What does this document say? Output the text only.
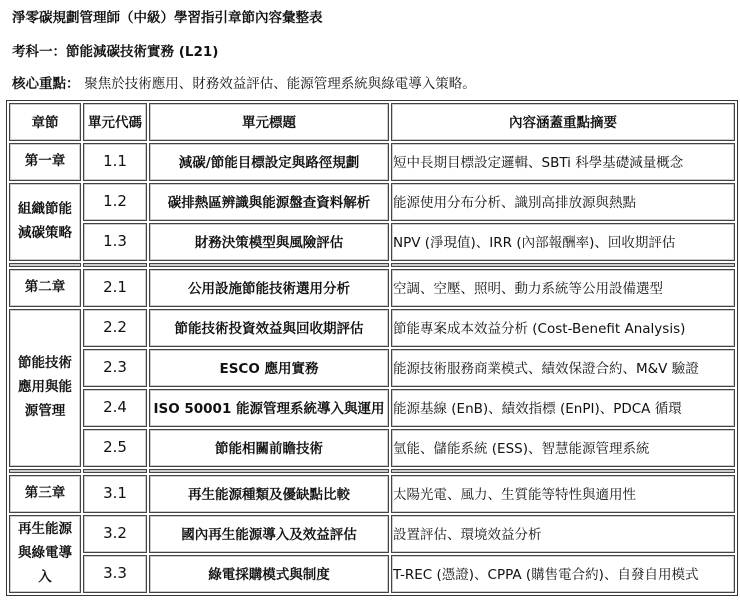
淨零碳規劃管理師（中級）學習指引章節內容彙整表
考科一：節能減碳技術實務 (L21)
核心重點： 聚焦於技術應用、財務效益評估、能源管理系統與綠電導入策略。
章節	單元代碼	單元標題	內容涵蓋重點摘要
第一章	1.1	減碳/節能目標設定與路徑規劃	短中長期目標設定邏輯、SBTi 科學基礎減量概念
組織節能減碳策略	1.2	碳排熱區辨識與能源盤查資料解析	能源使用分布分析、識別高排放源與熱點
	1.3	財務決策模型與風險評估	NPV (淨現值)、IRR (內部報酬率)、回收期評估

第二章	2.1	公用設施節能技術選用分析	空調、空壓、照明、動力系統等公用設備選型
節能技術應用與能源管理	2.2	節能技術投資效益與回收期評估	節能專案成本效益分析 (Cost-Benefit Analysis)
	2.3	ESCO 應用實務	能源技術服務商業模式、績效保證合約、M&V 驗證
	2.4	ISO 50001 能源管理系統導入與運用	能源基線 (EnB)、績效指標 (EnPI)、PDCA 循環
	2.5	節能相關前瞻技術	氫能、儲能系統 (ESS)、智慧能源管理系統

第三章	3.1	再生能源種類及優缺點比較	太陽光電、風力、生質能等特性與適用性
再生能源與綠電導入	3.2	國內再生能源導入及效益評估	設置評估、環境效益分析
	3.3	綠電採購模式與制度	T-REC (憑證)、CPPA (購售電合約)、自發自用模式
